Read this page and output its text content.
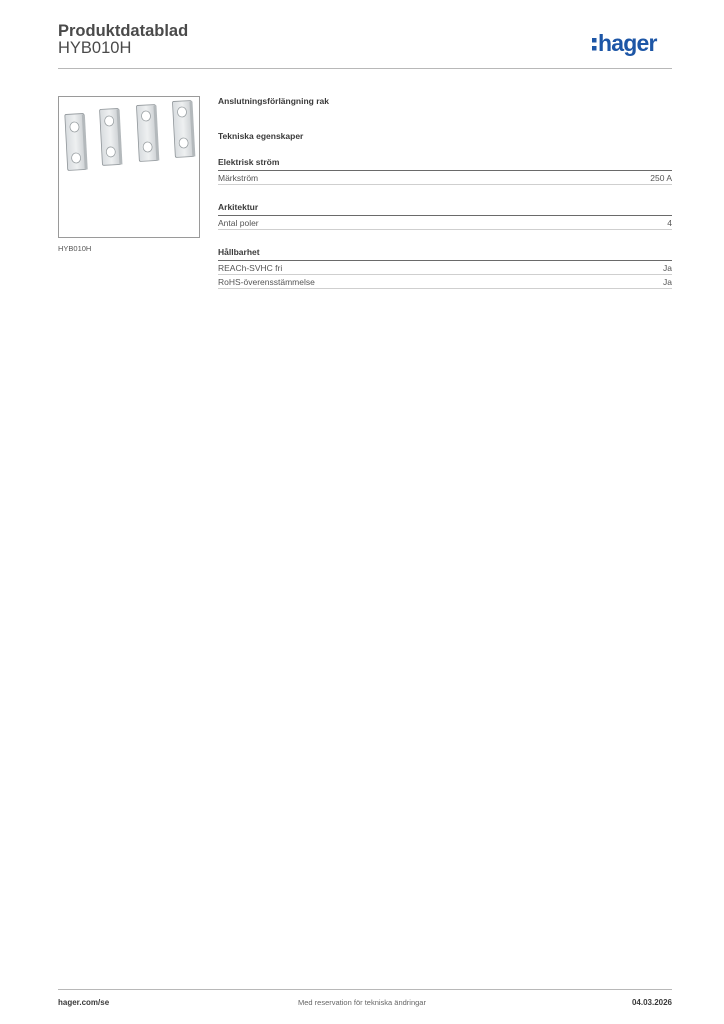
Produktdatablad
HYB010H	hager
HYB010H
Anslutningsförlängning rak
Tekniska egenskaper
Elektrisk ström
Märkström	250 A
Arkitektur
Antal poler	4
Hållbarhet
REACh-SVHC fri	Ja
RoHS-överensstämmelse	Ja
hager.com/se	Med reservation för tekniska ändringar	04.03.2026
